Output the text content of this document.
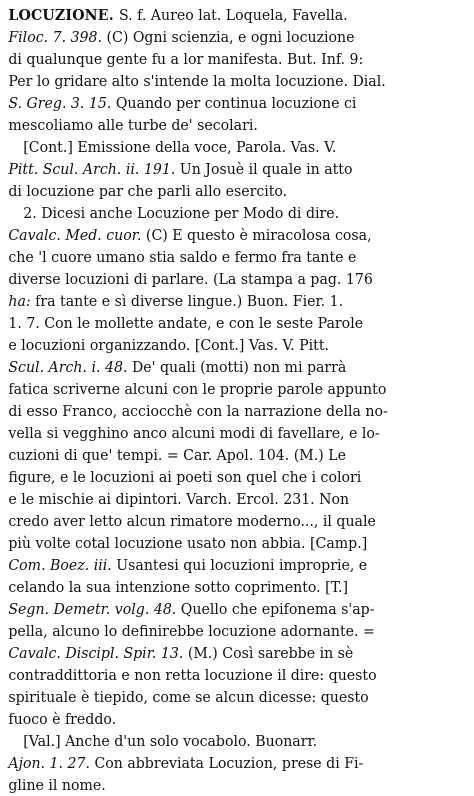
LOCUZIONE. S. f. Aureo lat. Loquela, Favella.
Filoc. 7. 398. (C) Ogni scienzia, e ogni locuzione
di qualunque gente fu a lor manifesta. But. Inf. 9:
Per lo gridare alto s'intende la molta locuzione. Dial.
S. Greg. 3. 15. Quando per continua locuzione ci
mescoliamo alle turbe de' secolari.
[Cont.] Emissione della voce, Parola. Vas. V.
Pitt. Scul. Arch. ii. 191. Un Josuè il quale in atto
di locuzione par che parli allo esercito.
2. Dicesi anche Locuzione per Modo di dire.
Cavalc. Med. cuor. (C) E questo è miracolosa cosa,
che 'l cuore umano stia saldo e fermo fra tante e
diverse locuzioni di parlare. (La stampa a pag. 176
ha: fra tante e sì diverse lingue.) Buon. Fier. 1.
1. 7. Con le mollette andate, e con le seste Parole
e locuzioni organizzando. [Cont.] Vas. V. Pitt.
Scul. Arch. i. 48. De' quali (motti) non mi parrà
fatica scriverne alcuni con le proprie parole appunto
di esso Franco, acciocchè con la narrazione della no-
vella si vegghino anco alcuni modi di favellare, e lo-
cuzioni di que' tempi. = Car. Apol. 104. (M.) Le
figure, e le locuzioni ai poeti son quel che i colori
e le mischie ai dipintori. Varch. Ercol. 231. Non
credo aver letto alcun rimatore moderno..., il quale
più volte cotal locuzione usato non abbia. [Camp.]
Com. Boez. iii. Usantesi qui locuzioni improprie, e
celando la sua intenzione sotto coprimento. [T.]
Segn. Demetr. volg. 48. Quello che epifonema s'ap-
pella, alcuno lo definirebbe locuzione adornante. =
Cavalc. Discipl. Spir. 13. (M.) Così sarebbe in sè
contraddittoria e non retta locuzione il dire: questo
spirituale è tiepido, come se alcun dicesse: questo
fuoco è freddo.
[Val.] Anche d'un solo vocabolo. Buonarr.
Ajon. 1. 27. Con abbreviata Locuzion, prese di Fi-
gline il nome.
